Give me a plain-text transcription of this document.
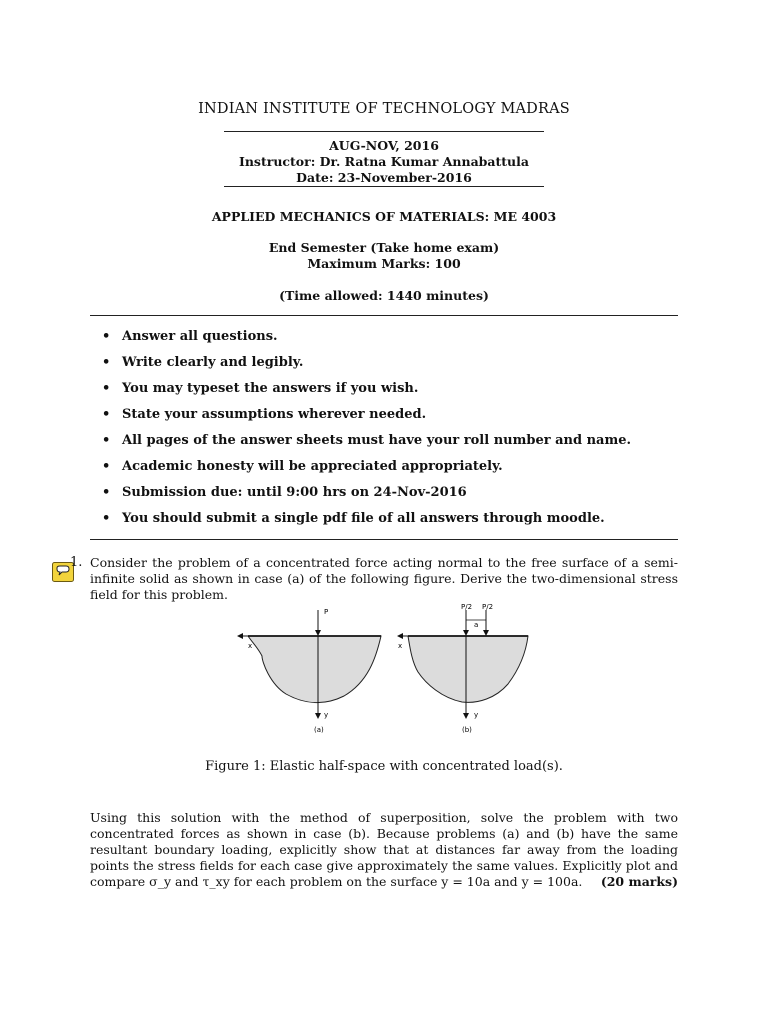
INDIAN INSTITUTE OF TECHNOLOGY MADRAS
AUG-NOV, 2016
Instructor: Dr. Ratna Kumar Annabattula
Date: 23-November-2016
APPLIED MECHANICS OF MATERIALS: ME 4003
End Semester (Take home exam)
Maximum Marks: 100
(Time allowed: 1440 minutes)
• Answer all questions.
• Write clearly and legibly.
• You may typeset the answers if you wish.
• State your assumptions wherever needed.
• All pages of the answer sheets must have your roll number and name.
• Academic honesty will be appreciated appropriately.
• Submission due: until 9:00 hrs on 24-Nov-2016
• You should submit a single pdf file of all answers through moodle.
1. Consider the problem of a concentrated force acting normal to the free surface of a semi-infinite solid as shown in case (a) of the following figure. Derive the two-dimensional stress field for this problem.
P
x
y
(a)
P/2 P/2
a
x
y
(b)
Figure 1: Elastic half-space with concentrated load(s).
Using this solution with the method of superposition, solve the problem with two concentrated forces as shown in case (b). Because problems (a) and (b) have the same resultant boundary loading, explicitly show that at distances far away from the loading points the stress fields for each case give approximately the same values. Explicitly plot and compare σ_y and τ_xy for each problem on the surface y = 10a and y = 100a. (20 marks)
